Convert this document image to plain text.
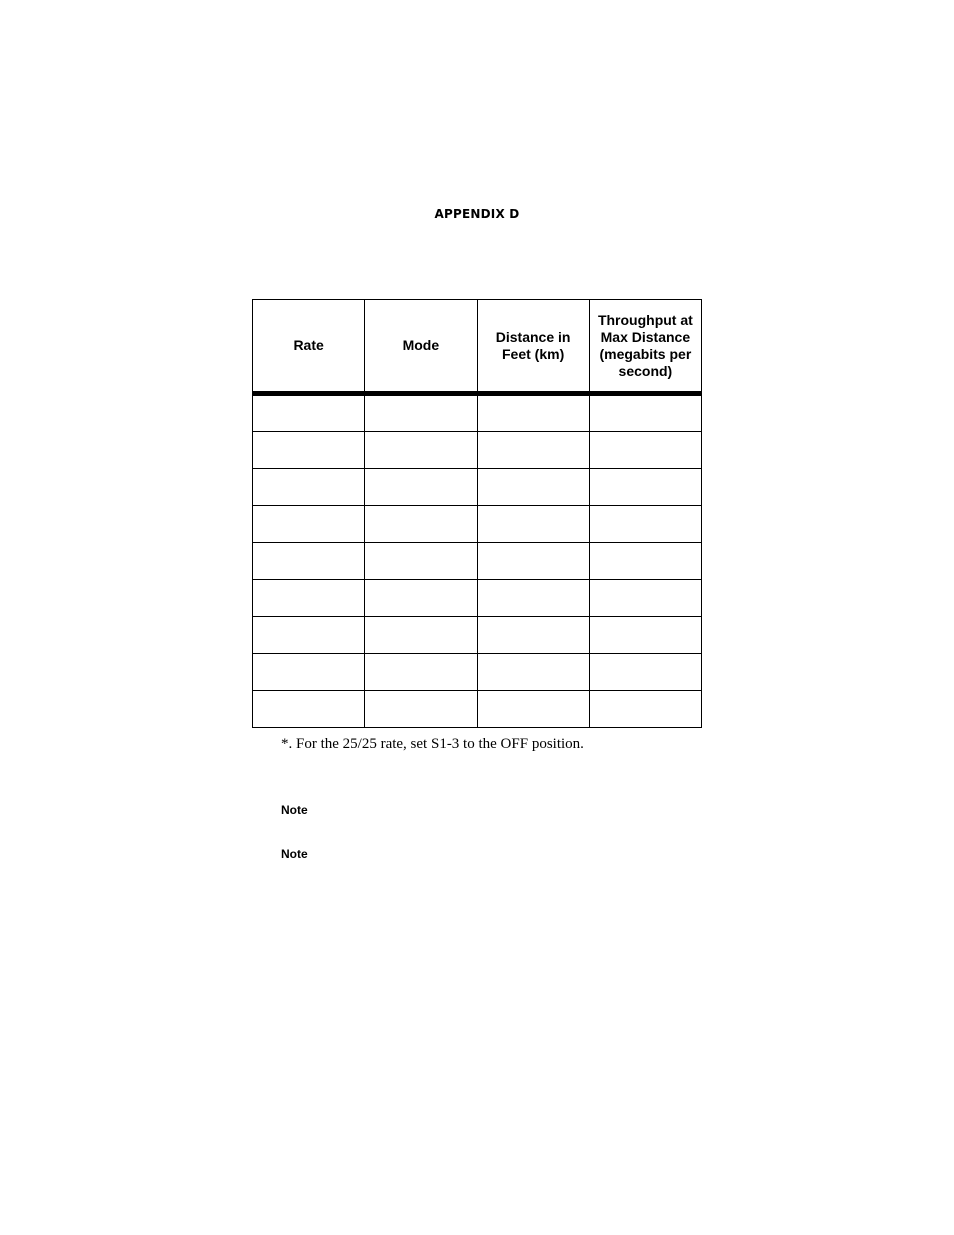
APPENDIX D
Rate	Mode	Distance in Feet (km)	Throughput at Max Distance (megabits per second)

*. For the 25/25 rate, set S1-3 to the OFF position.
Note
Note
